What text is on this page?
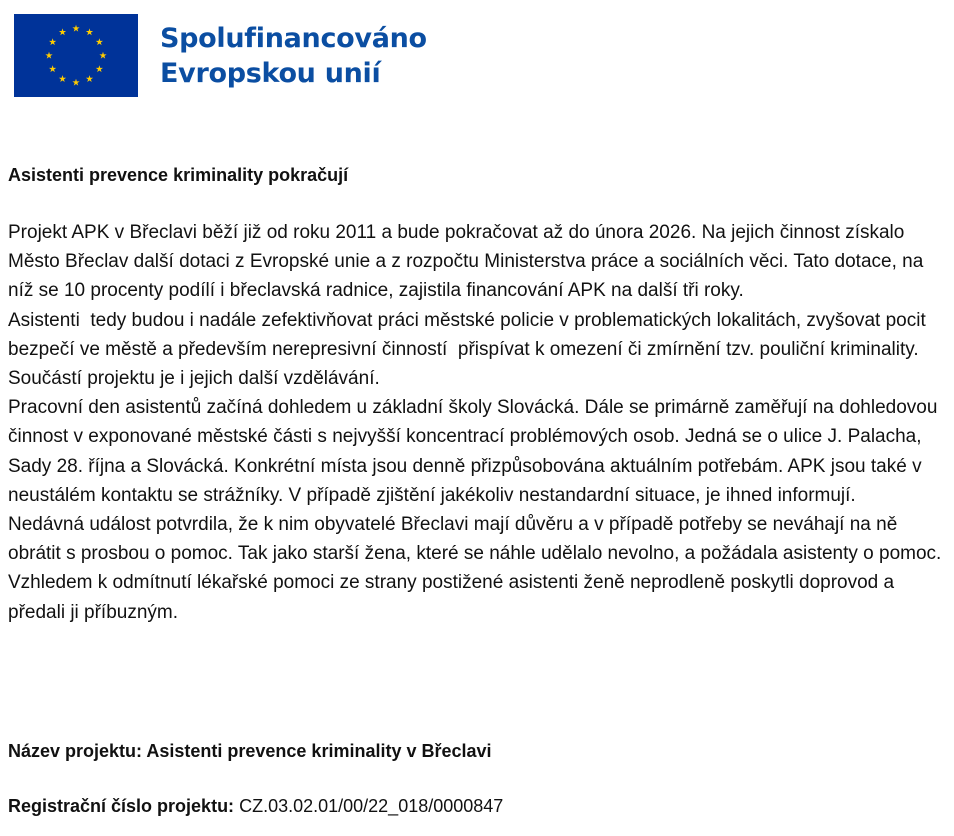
Spolufinancováno
Evropskou unií
Asistenti prevence kriminality pokračují

Projekt APK v Břeclavi běží již od roku 2011 a bude pokračovat až do února 2026. Na jejich činnost získalo Město Břeclav další dotaci z Evropské unie a z rozpočtu Ministerstva práce a sociálních věci. Tato dotace, na níž se 10 procenty podílí i břeclavská radnice, zajistila financování APK na další tři roky.

Asistenti  tedy budou i nadále zefektivňovat práci městské policie v problematických lokalitách, zvyšovat pocit bezpečí ve městě a především nerepresivní činností  přispívat k omezení či zmírnění tzv. pouliční kriminality. Součástí projektu je i jejich další vzdělávání.

Pracovní den asistentů začíná dohledem u základní školy Slovácká. Dále se primárně zaměřují na dohledovou činnost v exponované městské části s nejvyšší koncentrací problémových osob. Jedná se o ulice J. Palacha, Sady 28. října a Slovácká. Konkrétní místa jsou denně přizpůsobována aktuálním potřebám. APK jsou také v neustálém kontaktu se strážníky. V případě zjištění jakékoliv nestandardní situace, je ihned informují.

Nedávná událost potvrdila, že k nim obyvatelé Břeclavi mají důvěru a v případě potřeby se neváhají na ně obrátit s prosbou o pomoc. Tak jako starší žena, které se náhle udělalo nevolno, a požádala asistenty o pomoc. Vzhledem k odmítnutí lékařské pomoci ze strany postižené asistenti ženě neprodleně poskytli doprovod a předali ji příbuzným.

Název projektu: Asistenti prevence kriminality v Břeclavi

Registrační číslo projektu: CZ.03.02.01/00/22_018/0000847
